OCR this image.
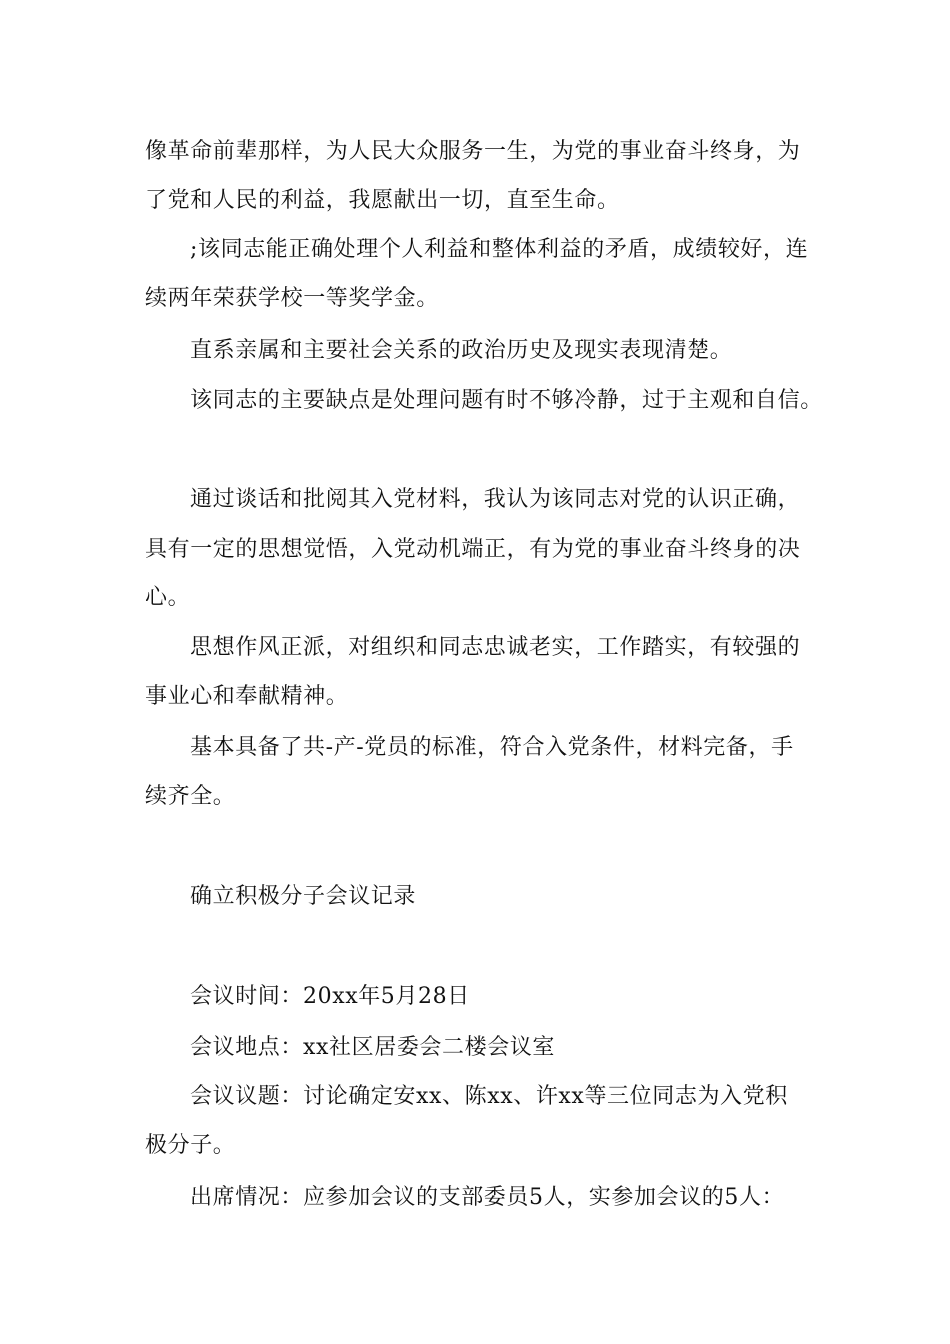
像革命前辈那样，为人民大众服务一生，为党的事业奋斗终身，为
了党和人民的利益，我愿献出一切，直至生命。
;该同志能正确处理个人利益和整体利益的矛盾，成绩较好，连
续两年荣获学校一等奖学金。
直系亲属和主要社会关系的政治历史及现实表现清楚。
该同志的主要缺点是处理问题有时不够冷静，过于主观和自信。
通过谈话和批阅其入党材料，我认为该同志对党的认识正确，
具有一定的思想觉悟，入党动机端正，有为党的事业奋斗终身的决
心。
思想作风正派，对组织和同志忠诚老实，工作踏实，有较强的
事业心和奉献精神。
基本具备了共-产-党员的标准，符合入党条件，材料完备，手
续齐全。
确立积极分子会议记录
会议时间：20xx年5月28日
会议地点：xx社区居委会二楼会议室
会议议题：讨论确定安xx、陈xx、许xx等三位同志为入党积
极分子。
出席情况：应参加会议的支部委员5人，实参加会议的5人：
